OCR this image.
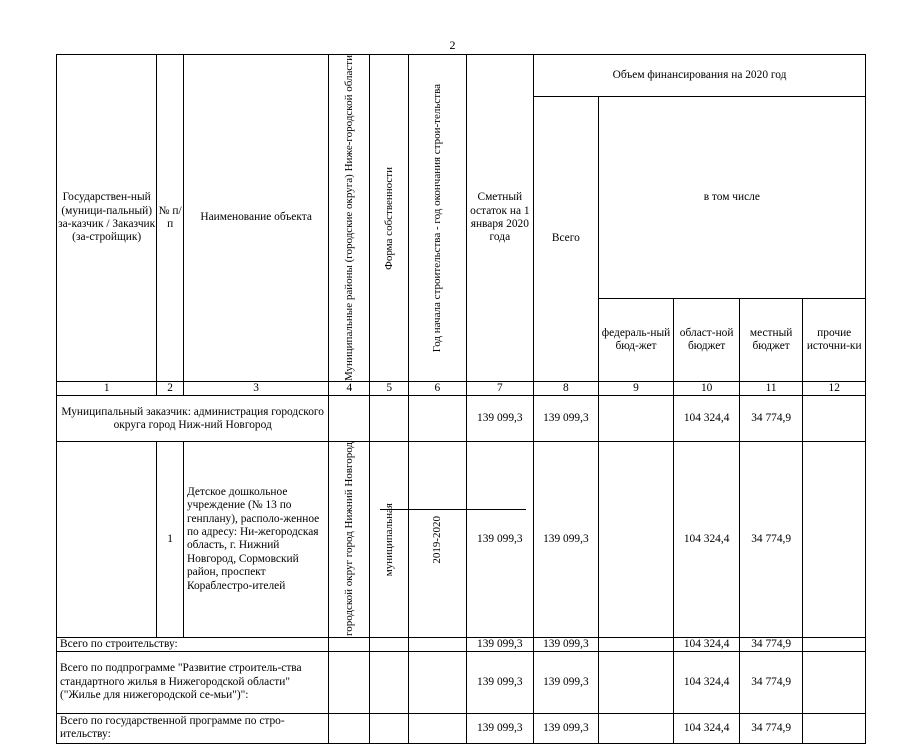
2
Государствен-ный (муници-пальный) за-казчик / Заказчик (за-стройщик)	№ п/п	Наименование объекта	Муниципальные районы (городские округа) Ниже-городской области	Форма собственности	Год начала строительства - год окончания строи-тельства	Сметный остаток на 1 января 2020 года	Объем финансирования на 2020 год				
							Всего	в том числе			
								федераль-ный бюд-жет	област-ной бюджет	местный бюджет	прочие источни-ки
1	2	3	4	5	6	7	8	9	10	11	12
Муниципальный заказчик: администрация городского округа город Ниж-ний Новгород						139 099,3	139 099,3		104 324,4	34 774,9	
	1	Детское дошкольное учреждение (№ 13 по генплану), располо-женное по адресу: Ни-жегородская область, г. Нижний Новгород, Сормовский район, проспект Кораблестро-ителей	городской округ город Нижний Новгород	муниципальная	2019-2020	139 099,3	139 099,3		104 324,4	34 774,9	
Всего по строительству:						139 099,3	139 099,3		104 324,4	34 774,9	
Всего по подпрограмме "Развитие строитель-ства стандартного жилья в Нижегородской области" ("Жилье для нижегородской се-мьи")":						139 099,3	139 099,3		104 324,4	34 774,9	
Всего по государственной программе по стро-ительству:						139 099,3	139 099,3		104 324,4	34 774,9	
